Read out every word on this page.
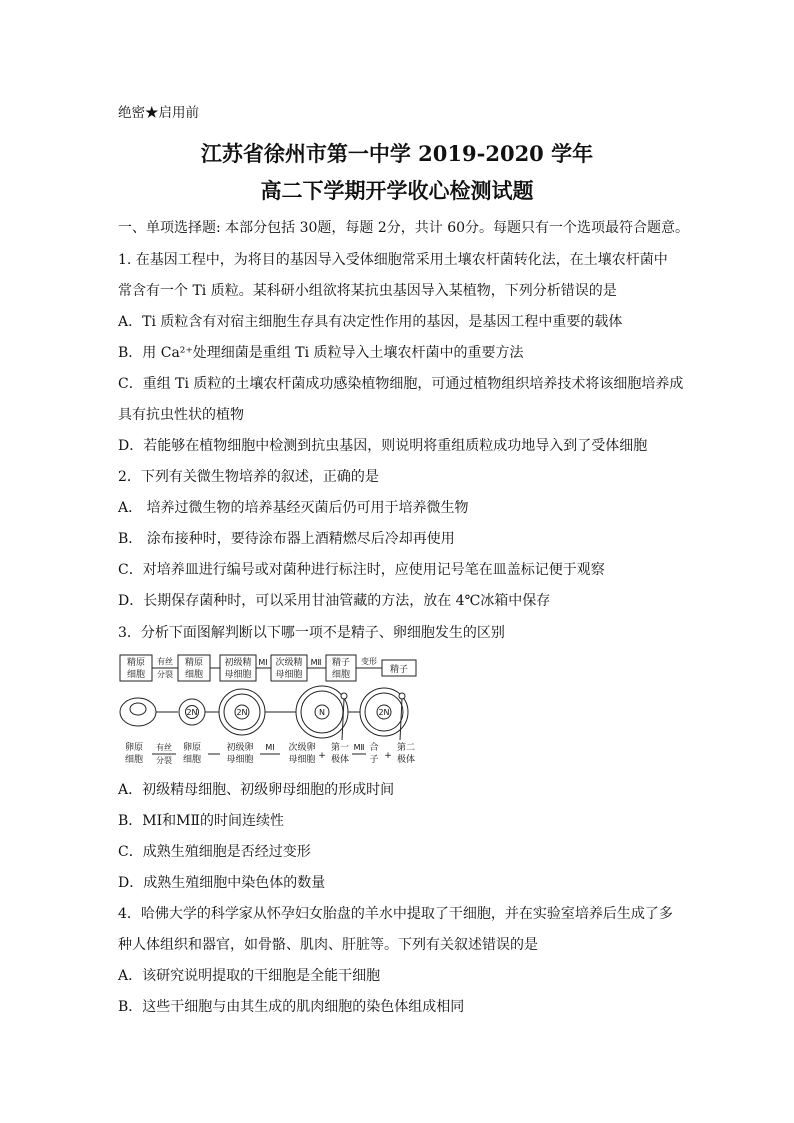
绝密★启用前
江苏省徐州市第一中学 2019-2020 学年
高二下学期开学收心检测试题
一、单项选择题: 本部分包括 30题，每题 2分，共计 60分。每题只有一个选项最符合题意。
1. 在基因工程中，为将目的基因导入受体细胞常采用土壤农杆菌转化法，在土壤农杆菌中
常含有一个 Ti 质粒。某科研小组欲将某抗虫基因导入某植物，下列分析错误的是
A．Ti 质粒含有对宿主细胞生存具有决定性作用的基因，是基因工程中重要的载体
B．用 Ca²⁺处理细菌是重组 Ti 质粒导入土壤农杆菌中的重要方法
C．重组 Ti 质粒的土壤农杆菌成功感染植物细胞，可通过植物组织培养技术将该细胞培养成
具有抗虫性状的植物
D．若能够在植物细胞中检测到抗虫基因，则说明将重组质粒成功地导入到了受体细胞
2．下列有关微生物培养的叙述，正确的是
A． 培养过微生物的培养基经灭菌后仍可用于培养微生物
B． 涂布接种时，要待涂布器上酒精燃尽后冷却再使用
C．对培养皿进行编号或对菌种进行标注时，应使用记号笔在皿盖标记便于观察
D．长期保存菌种时，可以采用甘油管藏的方法，放在 4℃冰箱中保存
3．分析下面图解判断以下哪一项不是精子、卵细胞发生的区别
精原
细胞
有丝
分裂
精原
细胞
初级精
母细胞
MⅠ 次级精
母细胞
MⅡ 精子
细胞
变形
精子
2N	2N	N	2N
卵原
细胞
有丝
分裂
卵原
细胞
初级卵
母细胞
MⅠ 次级卵
母细胞 +
第一
极体
MⅡ 合
子 +
第二
极体
A．初级精母细胞、初级卵母细胞的形成时间
B．MⅠ和MⅡ的时间连续性
C．成熟生殖细胞是否经过变形
D．成熟生殖细胞中染色体的数量
4．哈佛大学的科学家从怀孕妇女胎盘的羊水中提取了干细胞，并在实验室培养后生成了多
种人体组织和器官，如骨骼、肌肉、肝脏等。下列有关叙述错误的是
A．该研究说明提取的干细胞是全能干细胞
B．这些干细胞与由其生成的肌肉细胞的染色体组成相同
